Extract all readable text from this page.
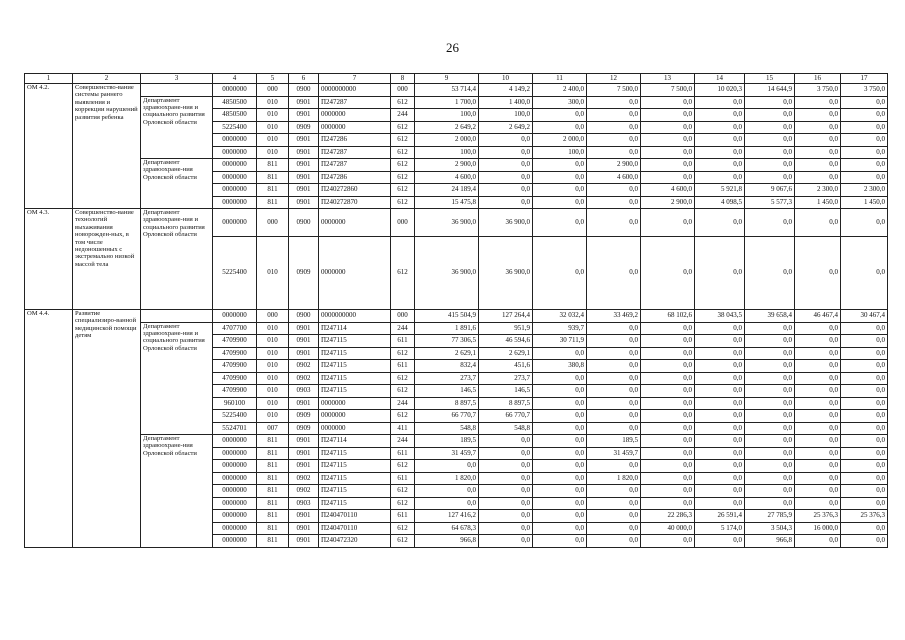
26
1	2	3	4	5	6	7	8	9	10	11	12	13	14	15	16	17
ОМ 4.2.	Совершенство-вание системы раннего выявления и коррекции нарушений развития ребенка		0000000	000	0900	0000000000	000	53 714,4	4 149,2	2 400,0	7 500,0	7 500,0	10 020,3	14 644,9	3 750,0	3 750,0
		Департамент здравоохране-ния и социального развития Орловской области	4850500	010	0901	П247287	612	1 700,0	1 400,0	300,0	0,0	0,0	0,0	0,0	0,0	0,0
			4850500	010	0901	0000000	244	100,0	100,0	0,0	0,0	0,0	0,0	0,0	0,0	0,0
			5225400	010	0909	0000000	612	2 649,2	2 649,2	0,0	0,0	0,0	0,0	0,0	0,0	0,0
			0000000	010	0901	П247286	612	2 000,0	0,0	2 000,0	0,0	0,0	0,0	0,0	0,0	0,0
			0000000	010	0901	П247287	612	100,0	0,0	100,0	0,0	0,0	0,0	0,0	0,0	0,0
		Департамент здравоохране-ния Орловской области	0000000	811	0901	П247287	612	2 900,0	0,0	0,0	2 900,0	0,0	0,0	0,0	0,0	0,0
			0000000	811	0901	П247286	612	4 600,0	0,0	0,0	4 600,0	0,0	0,0	0,0	0,0	0,0
			0000000	811	0901	П240272860	612	24 189,4	0,0	0,0	0,0	4 600,0	5 921,8	9 067,6	2 300,0	2 300,0
			0000000	811	0901	П240272870	612	15 475,8	0,0	0,0	0,0	2 900,0	4 098,5	5 577,3	1 450,0	1 450,0
ОМ 4.3.	Совершенство-вание технологий выхаживания новорожден-ных, в том числе недоношенных с экстремально низкой массой тела	Департамент здравоохране-ния и социального развития Орловской области	0000000	000	0900	0000000	000	36 900,0	36 900,0	0,0	0,0	0,0	0,0	0,0	0,0	0,0
			5225400	010	0909	0000000	612	36 900,0	36 900,0	0,0	0,0	0,0	0,0	0,0	0,0	0,0
ОМ 4.4.	Развитие специализиро-ванной медицинской помощи детям		0000000	000	0900	0000000000	000	415 504,9	127 264,4	32 032,4	33 469,2	68 102,6	38 043,5	39 658,4	46 467,4	30 467,4
		Департамент здравоохране-ния и социального развития Орловской области	4707700	010	0901	П247114	244	1 891,6	951,9	939,7	0,0	0,0	0,0	0,0	0,0	0,0
			4709900	010	0901	П247115	611	77 306,5	46 594,6	30 711,9	0,0	0,0	0,0	0,0	0,0	0,0
			4709900	010	0901	П247115	612	2 629,1	2 629,1	0,0	0,0	0,0	0,0	0,0	0,0	0,0
			4709900	010	0902	П247115	611	832,4	451,6	380,8	0,0	0,0	0,0	0,0	0,0	0,0
			4709900	010	0902	П247115	612	273,7	273,7	0,0	0,0	0,0	0,0	0,0	0,0	0,0
			4709900	010	0903	П247115	612	146,5	146,5	0,0	0,0	0,0	0,0	0,0	0,0	0,0
			960100	010	0901	0000000	244	8 897,5	8 897,5	0,0	0,0	0,0	0,0	0,0	0,0	0,0
			5225400	010	0909	0000000	612	66 770,7	66 770,7	0,0	0,0	0,0	0,0	0,0	0,0	0,0
			5524701	007	0909	0000000	411	548,8	548,8	0,0	0,0	0,0	0,0	0,0	0,0	0,0
		Департамент здравоохране-ния Орловской области	0000000	811	0901	П247114	244	189,5	0,0	0,0	189,5	0,0	0,0	0,0	0,0	0,0
			0000000	811	0901	П247115	611	31 459,7	0,0	0,0	31 459,7	0,0	0,0	0,0	0,0	0,0
			0000000	811	0901	П247115	612	0,0	0,0	0,0	0,0	0,0	0,0	0,0	0,0	0,0
			0000000	811	0902	П247115	611	1 820,0	0,0	0,0	1 820,0	0,0	0,0	0,0	0,0	0,0
			0000000	811	0902	П247115	612	0,0	0,0	0,0	0,0	0,0	0,0	0,0	0,0	0,0
			0000000	811	0903	П247115	612	0,0	0,0	0,0	0,0	0,0	0,0	0,0	0,0	0,0
			0000000	811	0901	П240470110	611	127 416,2	0,0	0,0	0,0	22 286,3	26 591,4	27 785,9	25 376,3	25 376,3
			0000000	811	0901	П240470110	612	64 678,3	0,0	0,0	0,0	40 000,0	5 174,0	3 504,3	16 000,0	0,0
			0000000	811	0901	П240472320	612	966,8	0,0	0,0	0,0	0,0	0,0	966,8	0,0	0,0
